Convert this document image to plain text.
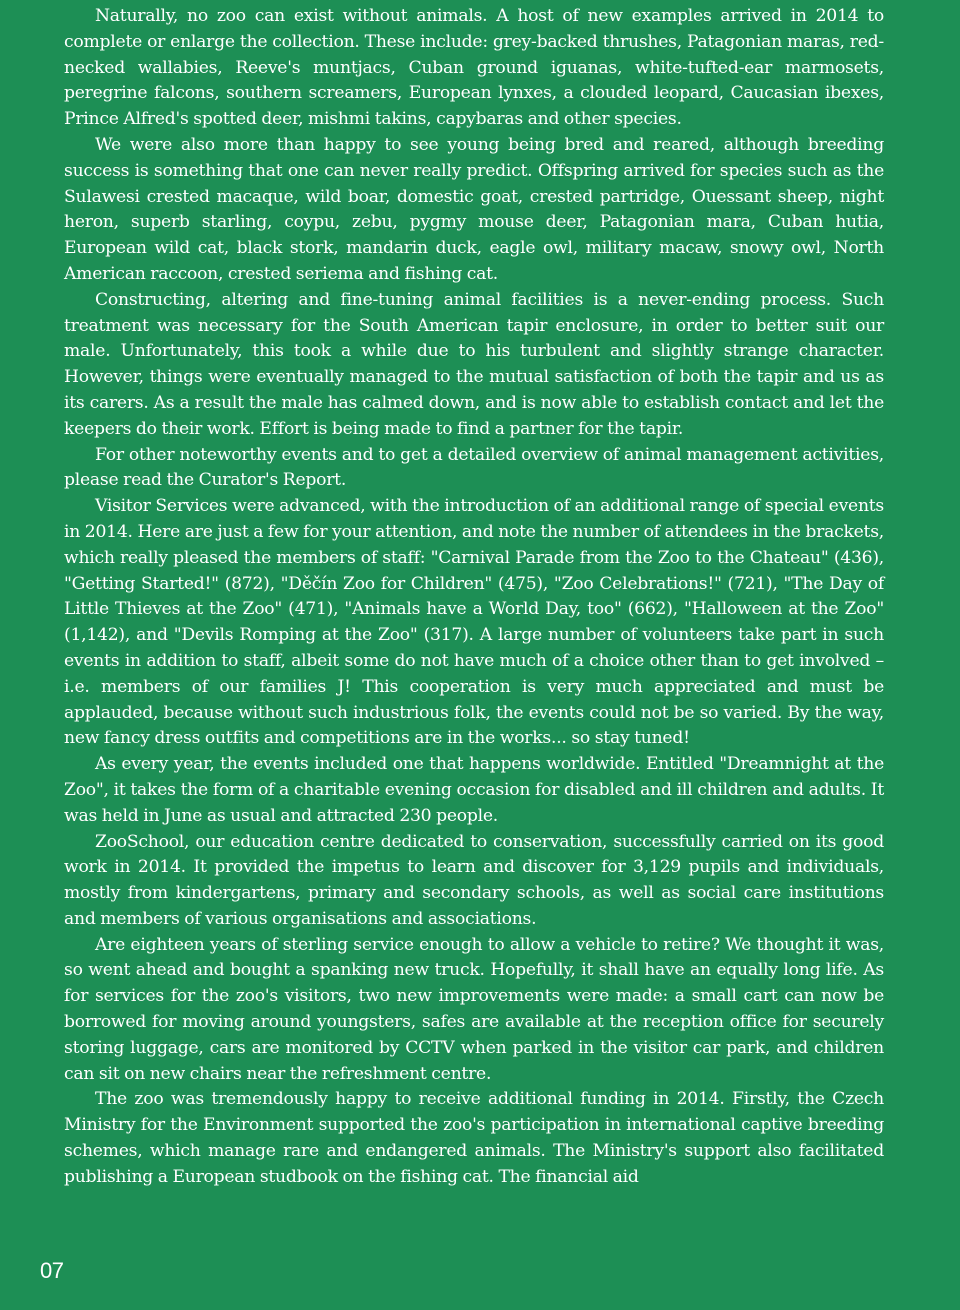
Naturally, no zoo can exist without animals. A host of new examples arrived in 2014 to complete or enlarge the collection. These include: grey-backed thrushes, Patagonian maras, red-necked wallabies, Reeve's muntjacs, Cuban ground iguanas, white-tufted-ear marmosets, peregrine falcons, southern screamers, European lynxes, a clouded leopard, Caucasian ibexes, Prince Alfred's spotted deer, mishmi takins, capybaras and other species.

We were also more than happy to see young being bred and reared, although breeding success is something that one can never really predict. Offspring arrived for species such as the Sulawesi crested macaque, wild boar, domestic goat, crested partridge, Ouessant sheep, night heron, superb starling, coypu, zebu, pygmy mouse deer, Patagonian mara, Cuban hutia, European wild cat, black stork, mandarin duck, eagle owl, military macaw, snowy owl, North American raccoon, crested seriema and fishing cat.

Constructing, altering and fine-tuning animal facilities is a never-ending process. Such treatment was necessary for the South American tapir enclosure, in order to better suit our male. Unfortunately, this took a while due to his turbulent and slightly strange character. However, things were eventually managed to the mutual satisfaction of both the tapir and us as its carers. As a result the male has calmed down, and is now able to establish contact and let the keepers do their work. Effort is being made to find a partner for the tapir.

For other noteworthy events and to get a detailed overview of animal management activities, please read the Curator's Report.

Visitor Services were advanced, with the introduction of an additional range of special events in 2014. Here are just a few for your attention, and note the number of attendees in the brackets, which really pleased the members of staff: "Carnival Parade from the Zoo to the Chateau" (436), "Getting Started!" (872), "Děčín Zoo for Children" (475), "Zoo Celebrations!" (721), "The Day of Little Thieves at the Zoo" (471), "Animals have a World Day, too" (662), "Halloween at the Zoo" (1,142), and "Devils Romping at the Zoo" (317). A large number of volunteers take part in such events in addition to staff, albeit some do not have much of a choice other than to get involved – i.e. members of our families J! This cooperation is very much appreciated and must be applauded, because without such industrious folk, the events could not be so varied. By the way, new fancy dress outfits and competitions are in the works... so stay tuned!

As every year, the events included one that happens worldwide. Entitled "Dreamnight at the Zoo", it takes the form of a charitable evening occasion for disabled and ill children and adults. It was held in June as usual and attracted 230 people.

ZooSchool, our education centre dedicated to conservation, successfully carried on its good work in 2014. It provided the impetus to learn and discover for 3,129 pupils and individuals, mostly from kindergartens, primary and secondary schools, as well as social care institutions and members of various organisations and associations.

Are eighteen years of sterling service enough to allow a vehicle to retire? We thought it was, so went ahead and bought a spanking new truck. Hopefully, it shall have an equally long life. As for services for the zoo's visitors, two new improvements were made: a small cart can now be borrowed for moving around youngsters, safes are available at the reception office for securely storing luggage, cars are monitored by CCTV when parked in the visitor car park, and children can sit on new chairs near the refreshment centre.

The zoo was tremendously happy to receive additional funding in 2014. Firstly, the Czech Ministry for the Environment supported the zoo's participation in international captive breeding schemes, which manage rare and endangered animals. The Ministry's support also facilitated publishing a European studbook on the fishing cat. The financial aid

07
